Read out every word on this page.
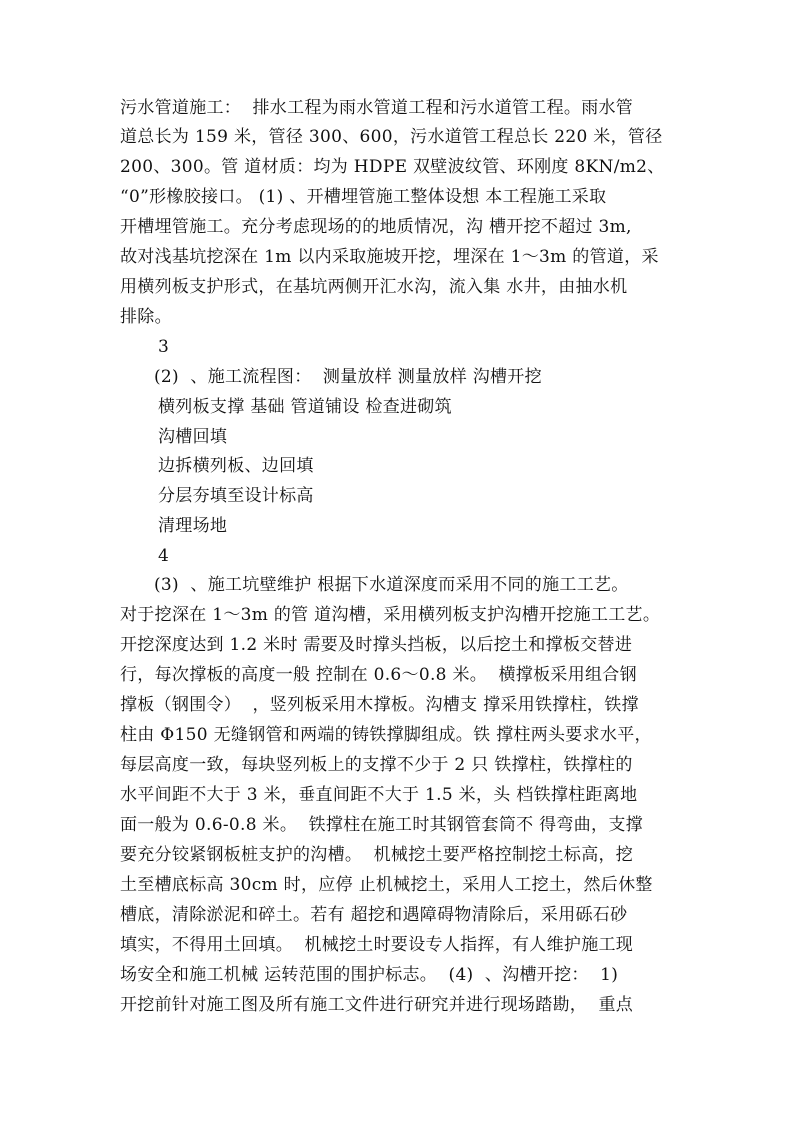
污水管道施工：  排水工程为雨水管道工程和污水道管工程。雨水管
道总长为 159 米，管径 300、600，污水道管工程总长 220 米，管径
200、300。管 道材质：均为 HDPE 双壁波纹管、环刚度 8KN/m2、
“0”形橡胶接口。 (1) 、开槽埋管施工整体设想 本工程施工采取
开槽埋管施工。充分考虑现场的的地质情况，沟 槽开挖不超过 3m,
故对浅基坑挖深在 1m 以内采取施坡开挖，埋深在 1～3m 的管道，采
用横列板支护形式，在基坑两侧开汇水沟，流入集 水井，由抽水机
排除。
3
(2)  、施工流程图：  测量放样 测量放样 沟槽开挖
横列板支撑 基础 管道铺设 检查进砌筑
沟槽回填
边拆横列板、边回填
分层夯填至设计标高
清理场地
4
(3)  、施工坑壁维护 根据下水道深度而采用不同的施工工艺。
对于挖深在 1～3m 的管 道沟槽，采用横列板支护沟槽开挖施工工艺。
开挖深度达到 1.2 米时 需要及时撑头挡板，以后挖土和撑板交替进
行，每次撑板的高度一般 控制在 0.6～0.8 米。  横撑板采用组合钢
撑板（钢围令）  ，竖列板采用木撑板。沟槽支 撑采用铁撑柱，铁撑
柱由 Φ150 无缝钢管和两端的铸铁撑脚组成。铁 撑柱两头要求水平，
每层高度一致，每块竖列板上的支撑不少于 2 只 铁撑柱，铁撑柱的
水平间距不大于 3 米，垂直间距不大于 1.5 米，头 档铁撑柱距离地
面一般为 0.6-0.8 米。  铁撑柱在施工时其钢管套筒不 得弯曲，支撑
要充分铰紧钢板桩支护的沟槽。  机械挖土要严格控制挖土标高，挖
土至槽底标高 30cm 时，应停 止机械挖土，采用人工挖土，然后休整
槽底，清除淤泥和碎土。若有 超挖和遇障碍物清除后，采用砾石砂
填实，不得用土回填。  机械挖土时要设专人指挥，有人维护施工现
场安全和施工机械 运转范围的围护标志。  (4)  、沟槽开挖：  1)
开挖前针对施工图及所有施工文件进行研究并进行现场踏勘，  重点
